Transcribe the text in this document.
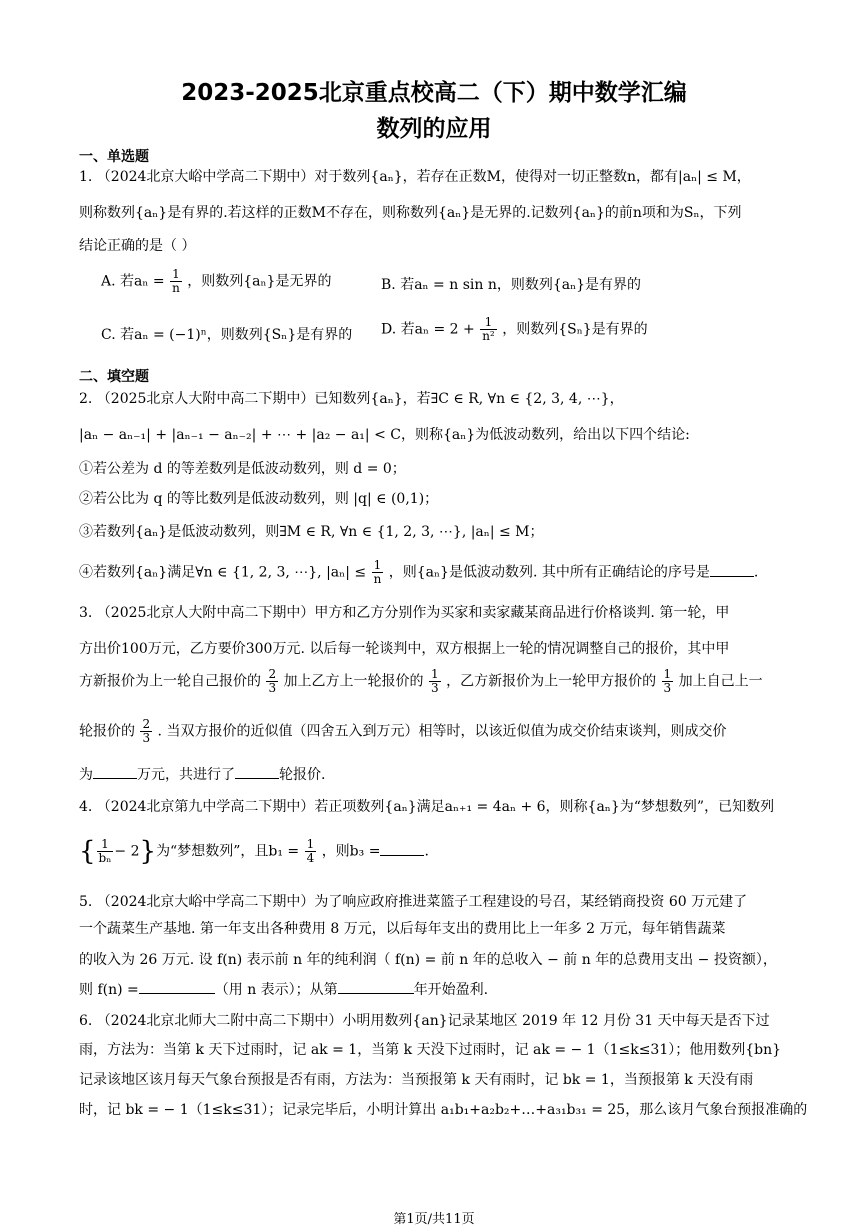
2023-2025北京重点校高二（下）期中数学汇编
数列的应用
一、单选题
1. （2024北京大峪中学高二下期中）对于数列{aₙ}，若存在正数M，使得对一切正整数n，都有|aₙ| ≤ M，
则称数列{aₙ}是有界的.若这样的正数M不存在，则称数列{aₙ}是无界的.记数列{aₙ}的前n项和为Sₙ，下列
结论正确的是（ ）
A. 若$a_n = \frac{1}{n}$ ，则数列{aₙ}是无界的	B. 若aₙ = n sin n，则数列{aₙ}是有界的
C. 若aₙ = (−1)ⁿ，则数列{Sₙ}是有界的 D. 若$a_n = 2 + \frac{1}{\text{n²}}$ ，则数列{Sₙ}是有界的
二、填空题
2. （2025北京人大附中高二下期中）已知数列{aₙ}，若∃C ∈ R, ∀n ∈ {2, 3, 4, ⋯}，
|aₙ − aₙ₋₁| + |aₙ₋₁ − aₙ₋₂| + ⋯ + |a₂ − a₁| < C，则称{aₙ}为低波动数列，给出以下四个结论:
①若公差为 d 的等差数列是低波动数列，则 d = 0；
②若公比为 q 的等比数列是低波动数列，则 |q| ∈ (0,1)；
③若数列{aₙ}是低波动数列，则∃M ∈ R, ∀n ∈ {1, 2, 3, ⋯}, |aₙ| ≤ M；
④若数列{aₙ}满足∀n ∈ {1, 2, 3, ⋯}, $|a_n| \le \frac{1}{n}$ ，则{aₙ}是低波动数列. 其中所有正确结论的序号是	.
3. （2025北京人大附中高二下期中）甲方和乙方分别作为买家和卖家藏某商品进行价格谈判. 第一轮，甲
方出价100万元，乙方要价300万元. 以后每一轮谈判中，双方根据上一轮的情况调整自己的报价，其中甲
方新报价为上一轮自己报价的 $\frac{2}{3}$ 加上乙方上一轮报价的 $\frac{1}{3}$ ，乙方新报价为上一轮甲方报价的 $\frac{1}{3}$ 加上自己上一
轮报价的 $\frac{2}{3}$ . 当双方报价的近似值（四舍五入到万元）相等时，以该近似值为成交价结束谈判，则成交价
为	万元，共进行了	轮报价.
4. （2024北京第九中学高二下期中）若正项数列{aₙ}满足aₙ₊₁ = 4aₙ + 6，则称{aₙ}为“梦想数列”，已知数列
{ $\frac{1}{\text{bₙ}} - 2$}为“梦想数列”，且$b_1 = \frac{1}{4}$ ，则b₃ =	.
5. （2024北京大峪中学高二下期中）为了响应政府推进菜篮子工程建设的号召，某经销商投资 60 万元建了
一个蔬菜生产基地. 第一年支出各种费用 8 万元，以后每年支出的费用比上一年多 2 万元，每年销售蔬菜
的收入为 26 万元. 设 f(n) 表示前 n 年的纯利润（ f(n) = 前 n 年的总收入 − 前 n 年的总费用支出 − 投资额），
则 f(n) =	（用 n 表示）；从第	年开始盈利.
6. （2024北京北师大二附中高二下期中）小明用数列{an}记录某地区 2019 年 12 月份 31 天中每天是否下过
雨，方法为：当第 k 天下过雨时，记 ak = 1，当第 k 天没下过雨时，记 ak = − 1（1≤k≤31）；他用数列{bn}
记录该地区该月每天气象台预报是否有雨，方法为：当预报第 k 天有雨时，记 bk = 1，当预报第 k 天没有雨
时，记 bk = − 1（1≤k≤31）；记录完毕后，小明计算出 a₁b₁+a₂b₂+…+a₃₁b₃₁ = 25，那么该月气象台预报准确的
第1页/共11页
